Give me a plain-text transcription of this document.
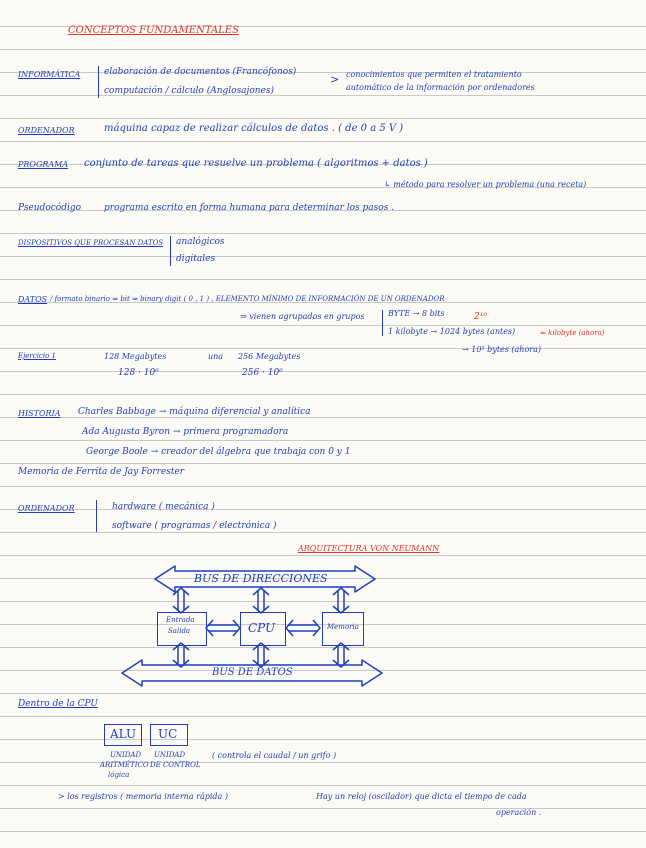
CONCEPTOS FUNDAMENTALES
INFORMÁTICA	elaboración de documentos (Francófonos)
computación / cálculo (Anglosajones)
> conocimientos que permiten el tratamiento
automático de la información por ordenadores
ORDENADOR	máquina capaz de realizar cálculos de datos . ( de 0 a 5 V )
PROGRAMA conjunto de tareas que resuelve un problema ( algoritmos + datos )
↳ método para resolver un problema (una receta)
Pseudocódigo	programa escrito en forma humana para determinar los pasos .
DISPOSITIVOS QUE PROCESAN DATOS analógicos
digitales
DATOS / formato binario ⇒ bit ⇒ binary digit ( 0 , 1 ) , ELEMENTO MÍNIMO DE INFORMACIÓN DE UN ORDENADOR
⇒ vienen agrupados en grupos	BYTE → 8 bits	2¹⁰
1 kilobyte → 1024 bytes (antes)	⇐ kilobyte (ahora)
→ 10³ bytes (ahora)
Ejercicio 1	128 Megabytes	una 256 Megabytes
128 · 10⁶	256 · 10⁶
HISTORIA Charles Babbage → máquina diferencial y analítica
Ada Augusta Byron → primera programadora
George Boole → creador del álgebra que trabaja con 0 y 1
Memoria de Ferrita de Jay Forrester
ORDENADOR	hardware ( mecánica )
software ( programas / electrónica )
ARQUITECTURA VON NEUMANN
BUS DE DIRECCIONES
Entrada
Salida	CPU	Memoria
BUS DE DATOS
Dentro de la CPU
ALU UC
UNIDAD
ARITMÉTICO
lógica
UNIDAD
DE CONTROL
( controla el caudal / un grifo )
> los registros ( memoria interna rápida )	Hay un reloj (oscilador) que dicta el tiempo de cada
operación .
